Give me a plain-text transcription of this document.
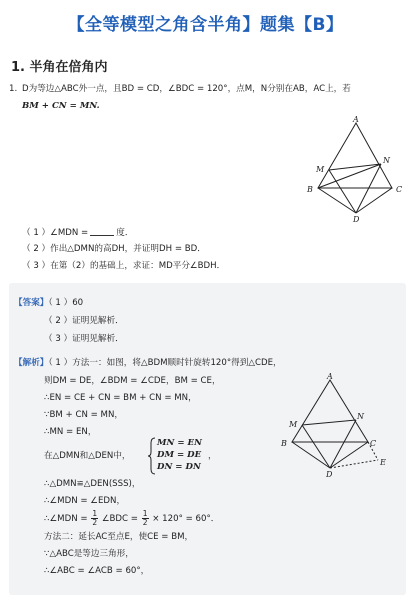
【全等模型之角含半角】题集【B】
1. 半角在倍角内
1. D为等边△ABC外一点，且BD = CD，∠BDC = 120°，点M，N分别在AB，AC上，若
BM + CN = MN.
A
B	C
D
M
N
（ 1 ）∠MDN =	度．
（ 2 ）作出△DMN的高DH，并证明DH = BD．
（ 3 ）在第（2）的基础上，求证：MD平分∠BDH．
【答案】（ 1 ）60
（ 2 ）证明见解析．
（ 3 ）证明见解析．
【解析】（ 1 ）方法一：如图，将△BDM顺时针旋转120°得到△CDE，
则DM = DE，∠BDM = ∠CDE，BM = CE，
∴EN = CE + CN = BM + CN = MN，
∵BM + CN = MN，
∴MN = EN，
在△DMN和△DEN中，
MN = EN
DM = DE
DN = DN
，
∴△DMN≌△DEN(SSS)，
∴∠MDN = ∠EDN，
∴∠MDN = $\frac{1}{2}$ ∠BDC = $\frac{1}{2} \times 120^\circ = 60^\circ$．
方法二：延长AC至点E，使CE = BM，
∵△ABC是等边三角形，
∴∠ABC = ∠ACB = 60°，
A
B	C
D
M
N
E
